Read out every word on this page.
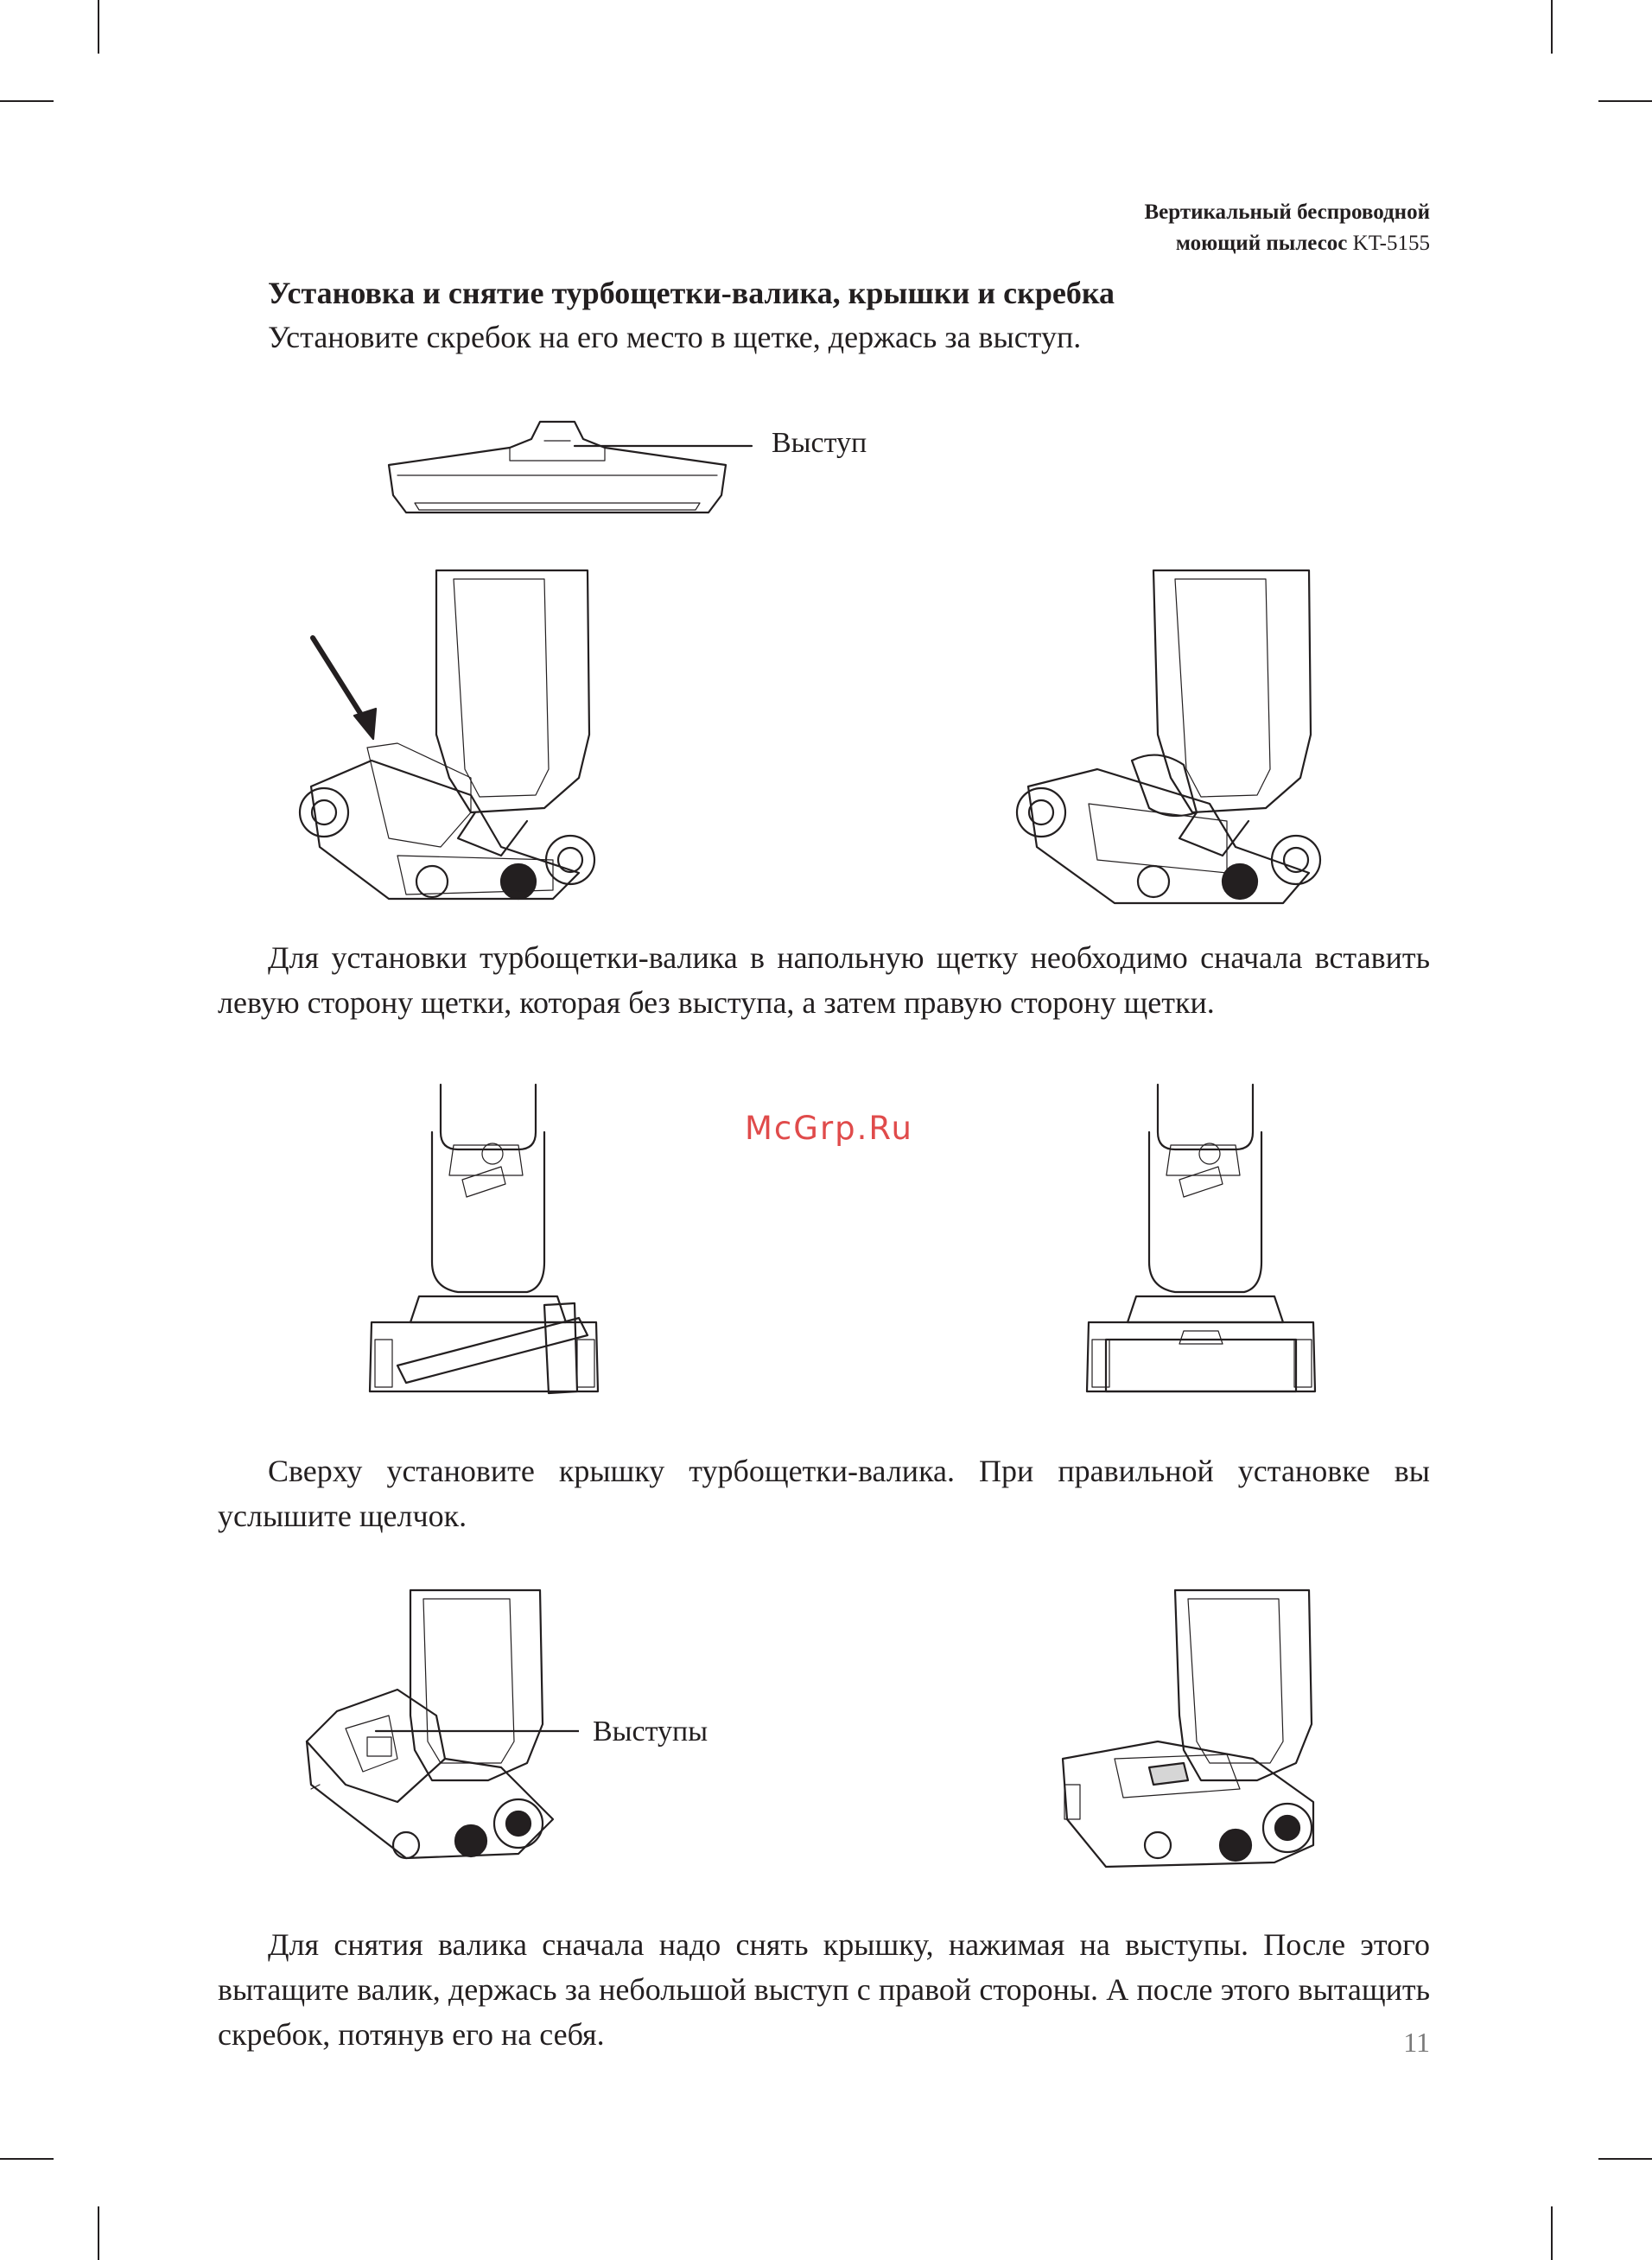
Вертикальный беспроводной
моющий пылесос KT-5155
Установка и снятие турбощетки-валика, крышки и скребка
Установите скребок на его место в щетке, держась за выступ.
Выступ
Для установки турбощетки-валика в напольную щетку необходимо сначала вставить левую сторону щетки, которая без выступа, а затем правую сторону щетки.
McGrp.Ru
Сверху установите крышку турбощетки-валика. При правильной установке вы услышите щелчок.
Выступы
Для снятия валика сначала надо снять крышку, нажимая на выступы. После этого вытащите валик, держась за небольшой выступ с правой стороны. А после этого вытащить скребок, потянув его на себя.	11
